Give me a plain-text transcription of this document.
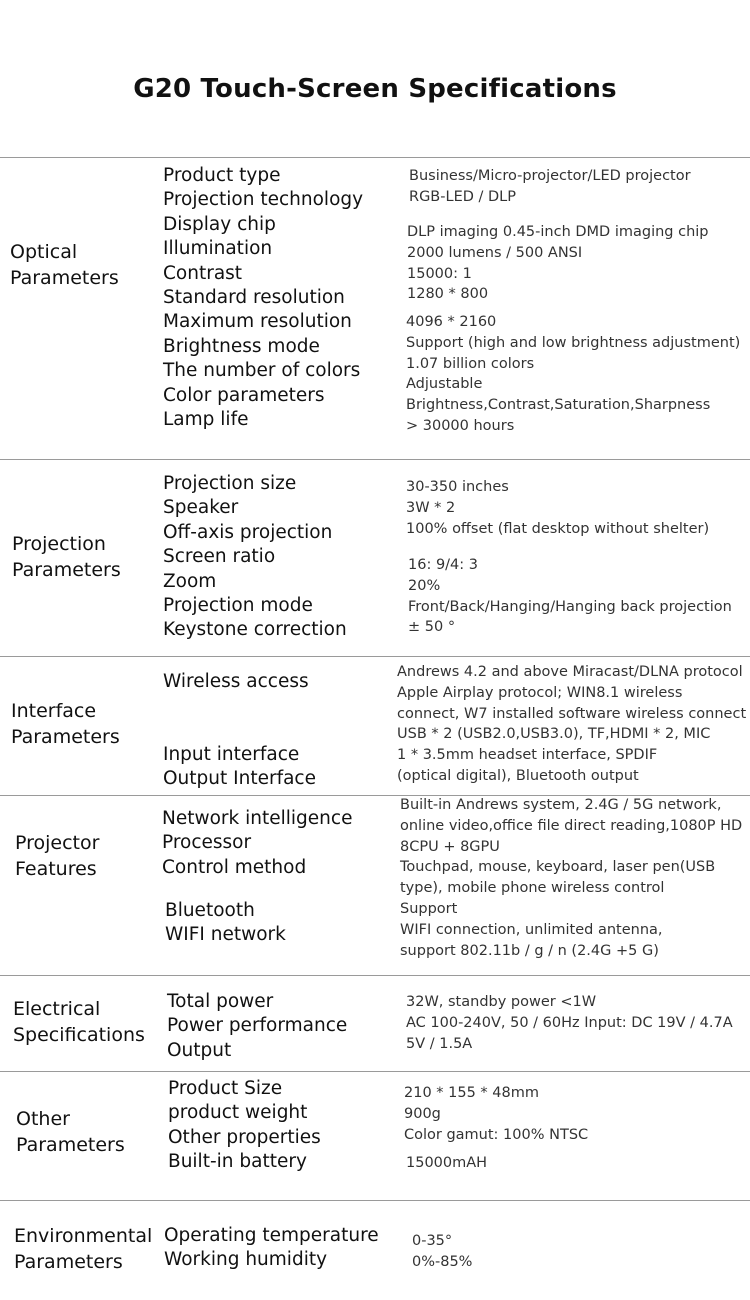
G20 Touch-Screen Specifications
Optical
Parameters
Product type
Projection technology
Display chip
Illumination
Contrast
Standard resolution
Maximum resolution
Brightness mode
The number of colors
Color parameters
Lamp life
Business/Micro-projector/LED projector
RGB-LED / DLP
DLP imaging 0.45-inch DMD imaging chip
2000 lumens / 500 ANSI
15000: 1
1280 * 800
4096 * 2160
Support (high and low brightness adjustment)
1.07 billion colors
Adjustable
Brightness,Contrast,Saturation,Sharpness
> 30000 hours
Projection
Parameters
Projection size
Speaker
Off-axis projection
Screen ratio
Zoom
Projection mode
Keystone correction
30-350 inches
3W * 2
100% offset (flat desktop without shelter)
16: 9/4: 3
20%
Front/Back/Hanging/Hanging back projection
± 50 °
Interface
Parameters
Wireless access
Input interface
Output Interface
Andrews 4.2 and above Miracast/DLNA protocol
Apple Airplay protocol; WIN8.1 wireless
connect, W7 installed software wireless connect
USB * 2 (USB2.0,USB3.0), TF,HDMI * 2, MIC
1 * 3.5mm headset interface, SPDIF
(optical digital), Bluetooth output
Projector
Features
Network intelligence
Processor
Control method
Bluetooth
WIFI network
Built-in Andrews system, 2.4G / 5G network,
online video,office file direct reading,1080P HD
8CPU + 8GPU
Touchpad, mouse, keyboard, laser pen(USB
type), mobile phone wireless control
Support
WIFI connection, unlimited antenna,
support 802.11b / g / n (2.4G +5 G)
Electrical
Specifications
Total power
Power performance
Output
32W, standby power <1W
AC 100-240V, 50 / 60Hz Input: DC 19V / 4.7A
5V / 1.5A
Other
Parameters
Product Size
product weight
Other properties
Built-in battery
210 * 155 * 48mm
900g
Color gamut: 100% NTSC
15000mAH
Environmental
Parameters
Operating temperature
Working humidity
0-35°
0%-85%
